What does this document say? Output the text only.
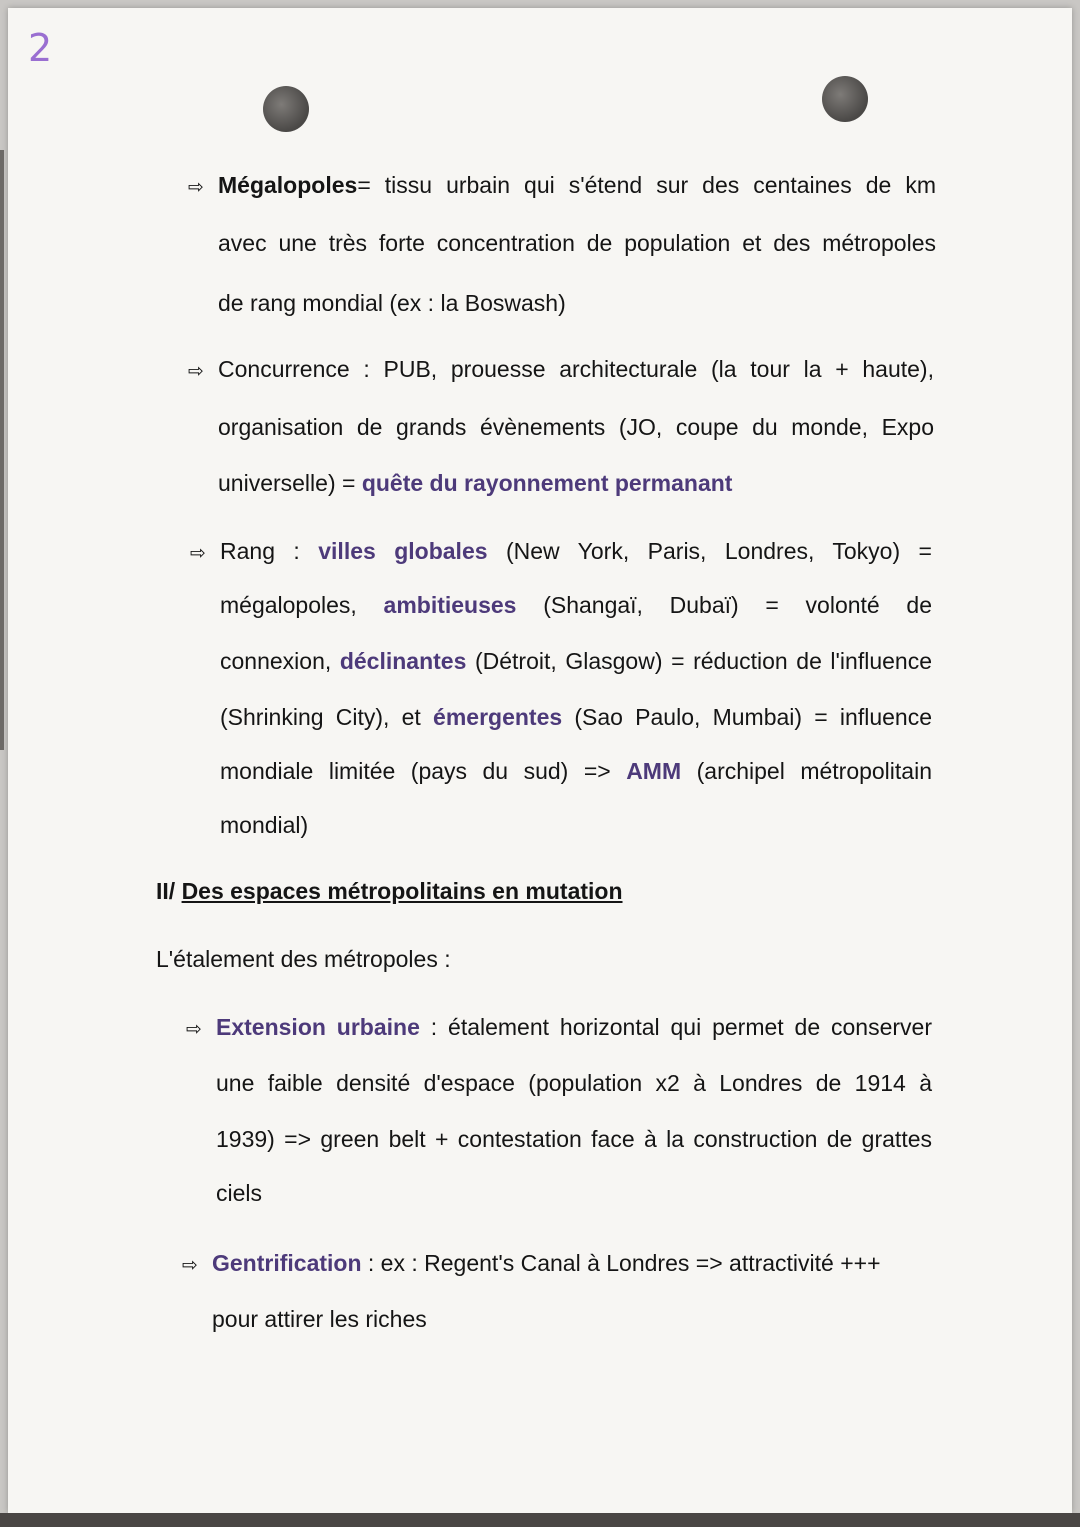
2
⇨ Mégalopoles= tissu urbain qui s'étend sur des centaines de km
avec une très forte concentration de population et des métropoles
de rang mondial (ex : la Boswash)
⇨ Concurrence : PUB, prouesse architecturale (la tour la + haute),
organisation de grands évènements (JO, coupe du monde, Expo
universelle) = quête du rayonnement permanant
⇨ Rang : villes globales (New York, Paris, Londres, Tokyo) =
mégalopoles, ambitieuses (Shangaï, Dubaï) = volonté de
connexion, déclinantes (Détroit, Glasgow) = réduction de l'influence
(Shrinking City), et émergentes (Sao Paulo, Mumbai) = influence
mondiale limitée (pays du sud) => AMM (archipel métropolitain
mondial)
II/ Des espaces métropolitains en mutation
L'étalement des métropoles :
⇨ Extension urbaine : étalement horizontal qui permet de conserver
une faible densité d'espace (population x2 à Londres de 1914 à
1939) => green belt + contestation face à la construction de grattes
ciels
⇨ Gentrification : ex : Regent's Canal à Londres => attractivité +++
pour attirer les riches
